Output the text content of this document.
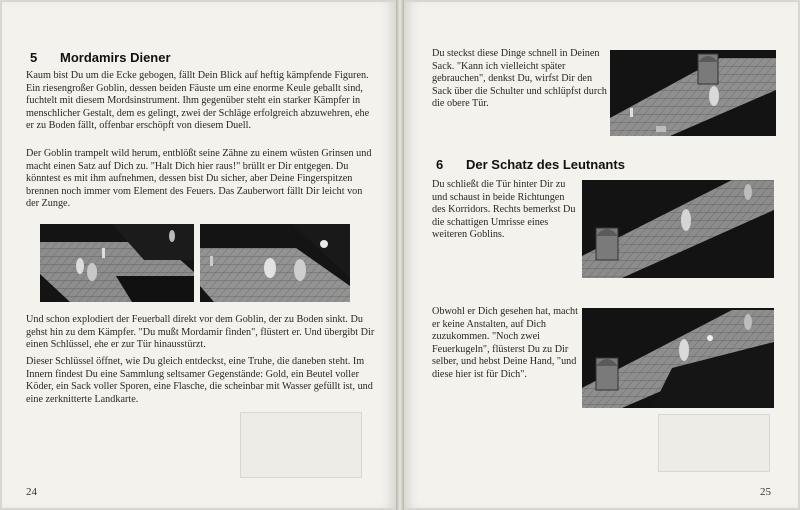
5 Mordamirs Diener

Kaum bist Du um die Ecke gebogen, fällt Dein Blick auf heftig kämpfende Figuren. Ein riesengroßer Goblin, dessen beiden Fäuste um eine enorme Keule geballt sind, fuchtelt mit diesem Mordsinstrument. Ihm gegenüber steht ein starker Kämpfer in menschlicher Gestalt, dem es gelingt, zwei der Schläge erfolgreich abzuwehren, ehe er zu Boden fällt, offenbar erschöpft von diesem Duell.

Der Goblin trampelt wild herum, entblößt seine Zähne zu einem wüsten Grinsen und macht einen Satz auf Dich zu. "Halt Dich hier raus!" brüllt er Dir entgegen. Du könntest es mit ihm aufnehmen, dessen bist Du sicher, aber Deine Fingerspitzen brennen noch immer vom Element des Feuers. Das Zauberwort fällt Dir leicht von der Zunge.

Und schon explodiert der Feuerball direkt vor dem Goblin, der zu Boden sinkt. Du gehst hin zu dem Kämpfer. "Du mußt Mordamir finden", flüstert er. Und übergibt Dir einen Schlüssel, ehe er zur Tür hinausstürzt.

Dieser Schlüssel öffnet, wie Du gleich entdeckst, eine Truhe, die daneben steht. Im Innern findest Du eine Sammlung seltsamer Gegenstände: Gold, ein Beutel voller Köder, ein Sack voller Sporen, eine Flasche, die scheinbar mit Wasser gefüllt ist, und eine zerknitterte Landkarte.

24

Du steckst diese Dinge schnell in Deinen Sack. "Kann ich vielleicht später gebrauchen", denkst Du, wirfst Dir den Sack über die Schulter und schlüpfst durch die obere Tür.

6 Der Schatz des Leutnants

Du schließt die Tür hinter Dir zu und schaust in beide Richtungen des Korridors. Rechts bemerkst Du die schattigen Umrisse eines weiteren Goblins.

Obwohl er Dich gesehen hat, macht er keine Anstalten, auf Dich zuzukommen. "Noch zwei Feuerkugeln", flüsterst Du zu Dir selber, und hebst Deine Hand, "und diese hier ist für Dich".

25
